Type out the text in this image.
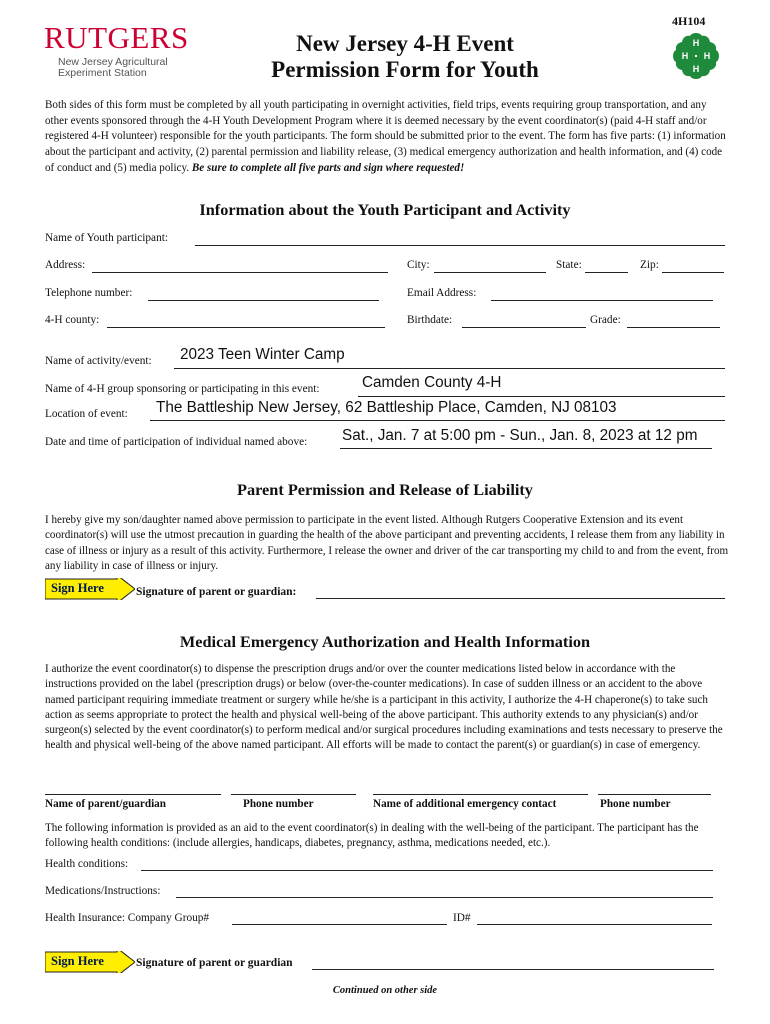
RUTGERS
New Jersey Agricultural
Experiment Station
New Jersey 4-H Event
Permission Form for Youth
4H104
H
H
H
H
Both sides of this form must be completed by all youth participating in overnight activities, field trips, events requiring group transportation, and any other events sponsored through the 4-H Youth Development Program where it is deemed necessary by the event coordinator(s) (paid 4-H staff and/or registered 4-H volunteer) responsible for the youth participants. The form should be submitted prior to the event. The form has five parts: (1) information about the participant and activity, (2) parental permission and liability release, (3) medical emergency authorization and health information, and (4) code of conduct and (5) media policy. Be sure to complete all five parts and sign where requested!
Information about the Youth Participant and Activity
Name of Youth participant:
Address:	City:	State:	Zip:
Telephone number:	Email Address:
4-H county:	Birthdate:	Grade:
Name of activity/event: 2023 Teen Winter Camp
Name of 4-H group sponsoring or participating in this event:	Camden County 4-H
Location of event: The Battleship New Jersey, 62 Battleship Place, Camden, NJ 08103
Date and time of participation of individual named above: Sat., Jan. 7 at 5:00 pm - Sun., Jan. 8, 2023 at 12 pm
Parent Permission and Release of Liability
I hereby give my son/daughter named above permission to participate in the event listed. Although Rutgers Cooperative Extension and its event coordinator(s) will use the utmost precaution in guarding the health of the above participant and preventing accidents, I release them from any liability in case of illness or injury as a result of this activity. Furthermore, I release the owner and driver of the car transporting my child to and from the event, from any liability in case of illness or injury.
Sign Here	Signature of parent or guardian:
Medical Emergency Authorization and Health Information
I authorize the event coordinator(s) to dispense the prescription drugs and/or over the counter medications listed below in accordance with the instructions provided on the label (prescription drugs) or below (over-the-counter medications). In case of sudden illness or an accident to the above named participant requiring immediate treatment or surgery while he/she is a participant in this activity, I authorize the 4-H chaperone(s) to take such action as seems appropriate to protect the health and physical well-being of the above participant. This authority extends to any physician(s) and/or surgeon(s) selected by the event coordinator(s) to perform medical and/or surgical procedures including examinations and tests necessary to preserve the health and physical well-being of the above named participant. All efforts will be made to contact the parent(s) or guardian(s) in case of emergency.
Name of parent/guardian	Phone number	Name of additional emergency contact	Phone number
The following information is provided as an aid to the event coordinator(s) in dealing with the well-being of the participant. The participant has the following health conditions: (include allergies, handicaps, diabetes, pregnancy, asthma, medications needed, etc.).
Health conditions:
Medications/Instructions:
Health Insurance: Company Group#	ID#
Sign Here	Signature of parent or guardian
Continued on other side
